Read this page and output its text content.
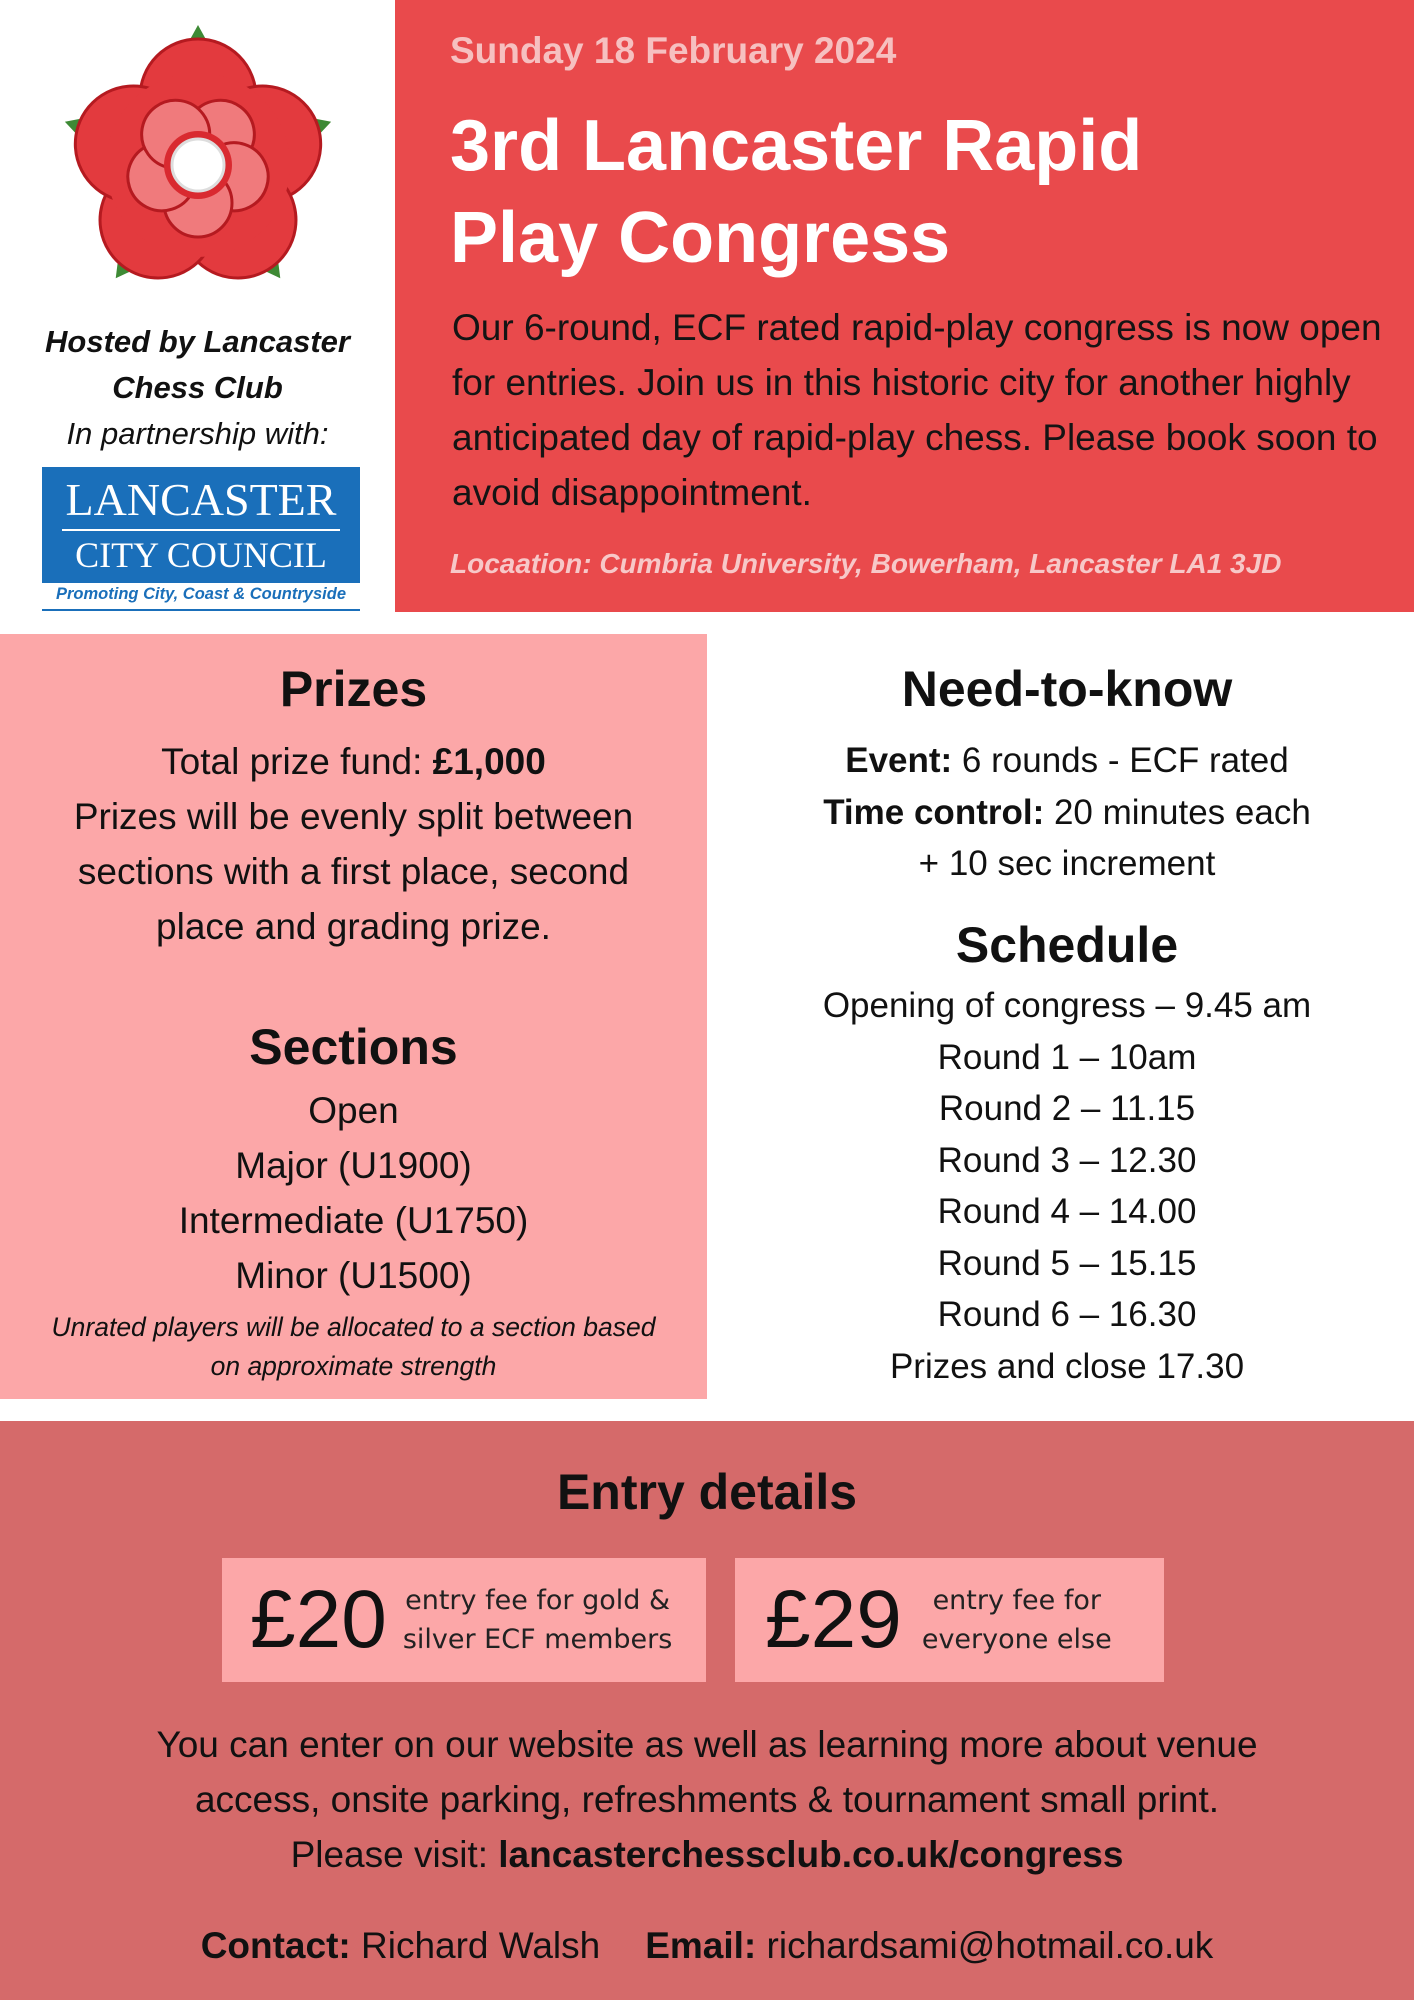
Hosted by Lancaster
Chess Club
In partnership with:
LANCASTER
CITY COUNCIL
Promoting City, Coast & Countryside
Sunday 18 February 2024
3rd Lancaster Rapid
Play Congress
Our 6-round, ECF rated rapid-play congress is now open for entries. Join us in this historic city for another highly anticipated day of rapid-play chess. Please book soon to avoid disappointment.
Locaation: Cumbria University, Bowerham, Lancaster LA1 3JD
Prizes
Total prize fund: £1,000
Prizes will be evenly split between sections with a first place, second place and grading prize.
Sections
Open
Major (U1900)
Intermediate (U1750)
Minor (U1500)
Unrated players will be allocated to a section based on approximate strength
Need-to-know
Event: 6 rounds - ECF rated
Time control: 20 minutes each
+ 10 sec increment
Schedule
Opening of congress – 9.45 am
Round 1 – 10am
Round 2 – 11.15
Round 3 – 12.30
Round 4 – 14.00
Round 5 – 15.15
Round 6 – 16.30
Prizes and close 17.30
Entry details
£20 entry fee for gold &
silver ECF members £29	entry fee for
everyone else
You can enter on our website as well as learning more about venue
access, onsite parking, refreshments & tournament small print.
Please visit: lancasterchessclub.co.uk/congress
Contact: Richard Walsh Email: richardsami@hotmail.co.uk
